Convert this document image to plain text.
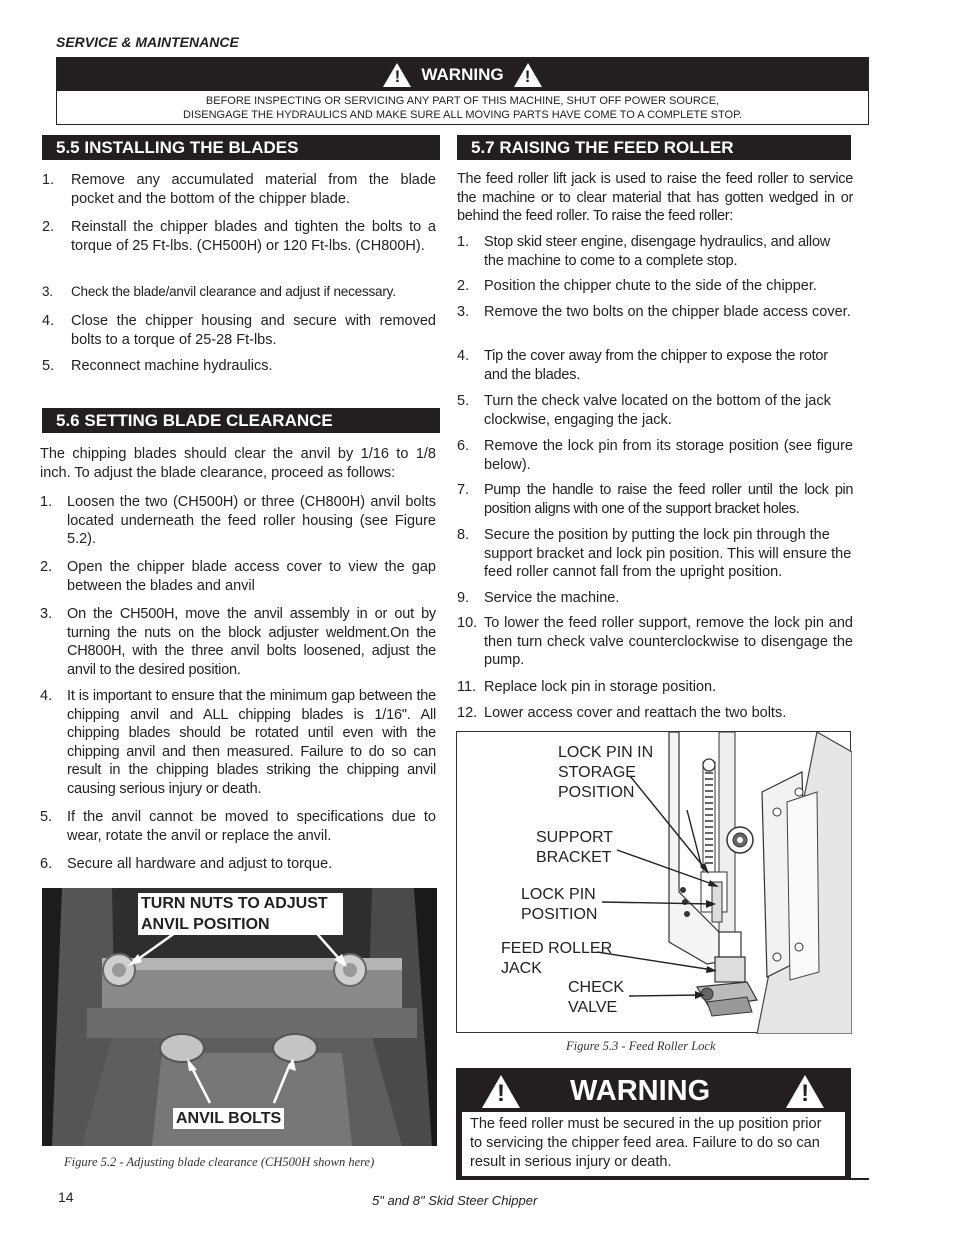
SERVICE & MAINTENANCE
! WARNING !
BEFORE INSPECTING OR SERVICING ANY PART OF THIS MACHINE, SHUT OFF POWER SOURCE,
DISENGAGE THE HYDRAULICS AND MAKE SURE ALL MOVING PARTS HAVE COME TO A COMPLETE STOP.
5.5 INSTALLING THE BLADES
1. Remove any accumulated material from the blade pocket and the bottom of the chipper blade.
2. Reinstall the chipper blades and tighten the bolts to a torque of 25 Ft-lbs. (CH500H) or 120 Ft-lbs. (CH800H).
3. Check the blade/anvil clearance and adjust if necessary.
4. Close the chipper housing and secure with removed bolts to a torque of 25-28 Ft-lbs.
5. Reconnect machine hydraulics.
5.6 SETTING BLADE CLEARANCE
The chipping blades should clear the anvil by 1/16 to 1/8 inch. To adjust the blade clearance, proceed as follows:
1. Loosen the two (CH500H) or three (CH800H) anvil bolts located underneath the feed roller housing (see Figure 5.2).
2. Open the chipper blade access cover to view the gap between the blades and anvil
3. On the CH500H, move the anvil assembly in or out by turning the nuts on the block adjuster weldment.On the CH800H, with the three anvil bolts loosened, adjust the anvil to the desired position.
4. It is important to ensure that the minimum gap between the chipping anvil and ALL chipping blades is 1/16". All chipping blades should be rotated until even with the chipping anvil and then measured. Failure to do so can result in the chipping blades striking the chipping anvil causing serious injury or death.
5. If the anvil cannot be moved to specifications due to wear, rotate the anvil or replace the anvil.
6. Secure all hardware and adjust to torque.
TURN NUTS TO ADJUST ANVIL POSITION
ANVIL BOLTS
Figure 5.2 - Adjusting blade clearance (CH500H shown here)
5.7 RAISING THE FEED ROLLER
The feed roller lift jack is used to raise the feed roller to service the machine or to clear material that has gotten wedged in or behind the feed roller. To raise the feed roller:
1. Stop skid steer engine, disengage hydraulics, and allow the machine to come to a complete stop.
2. Position the chipper chute to the side of the chipper.
3. Remove the two bolts on the chipper blade access cover.
4. Tip the cover away from the chipper to expose the rotor and the blades.
5. Turn the check valve located on the bottom of the jack clockwise, engaging the jack.
6. Remove the lock pin from its storage position (see figure below).
7. Pump the handle to raise the feed roller until the lock pin position aligns with one of the support bracket holes.
8. Secure the position by putting the lock pin through the support bracket and lock pin position. This will ensure the feed roller cannot fall from the upright position.
9. Service the machine.
10. To lower the feed roller support, remove the lock pin and then turn check valve counterclockwise to disengage the pump.
11. Replace lock pin in storage position.
12. Lower access cover and reattach the two bolts.
LOCK PIN IN
STORAGE
POSITION
SUPPORT
BRACKET
LOCK PIN
POSITION
FEED ROLLER
JACK
CHECK
VALVE
Figure 5.3 - Feed Roller Lock
! WARNING	!
The feed roller must be secured in the up position prior to servicing the chipper feed area. Failure to do so can result in serious injury or death.
14	5" and 8" Skid Steer Chipper
